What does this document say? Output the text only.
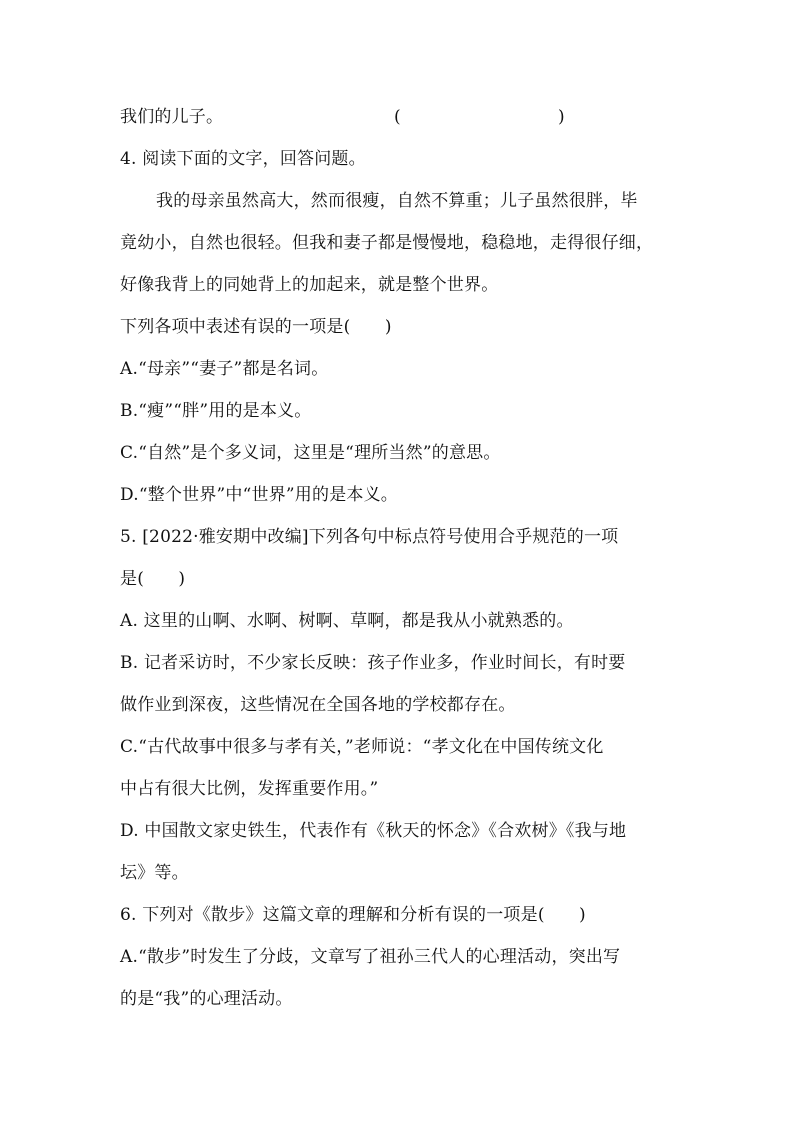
我们的儿子。	(	)
4. 阅读下面的文字，回答问题。
我的母亲虽然高大，然而很瘦，自然不算重；儿子虽然很胖，毕
竟幼小，自然也很轻。但我和妻子都是慢慢地，稳稳地，走得很仔细，
好像我背上的同她背上的加起来，就是整个世界。
下列各项中表述有误的一项是(　　)
A.“母亲”“妻子”都是名词。
B.“瘦”“胖”用的是本义。
C.“自然”是个多义词，这里是“理所当然”的意思。
D.“整个世界”中“世界”用的是本义。
5. [2022·雅安期中改编]下列各句中标点符号使用合乎规范的一项
是(　　)
A. 这里的山啊、水啊、树啊、草啊，都是我从小就熟悉的。
B. 记者采访时，不少家长反映：孩子作业多，作业时间长，有时要
做作业到深夜，这些情况在全国各地的学校都存在。
C.“古代故事中很多与孝有关，”老师说：“孝文化在中国传统文化
中占有很大比例，发挥重要作用。”
D. 中国散文家史铁生，代表作有《秋天的怀念》《合欢树》《我与地
坛》等。
6. 下列对《散步》这篇文章的理解和分析有误的一项是(　　)
A.“散步”时发生了分歧，文章写了祖孙三代人的心理活动，突出写
的是“我”的心理活动。
